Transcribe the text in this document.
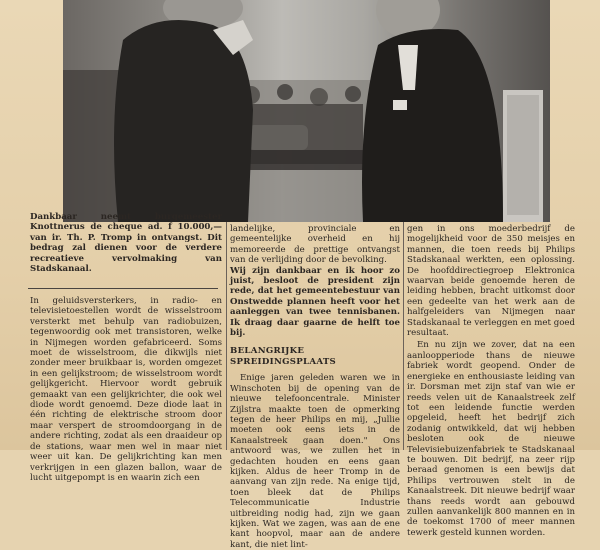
Dankbaar neemt burgemeester Knottnerus de cheque ad. f 10.000,— van ir. Th. P. Tromp in ontvangst. Dit bedrag zal dienen voor de verdere recreatieve vervolmaking van Stadskanaal.

In geluidsversterkers, in radio- en televisietoestellen wordt de wisselstroom versterkt met behulp van radiobuizen, tegenwoordig ook met transistoren, welke in Nijmegen worden gefabriceerd. Soms moet de wisselstroom, die dikwijls niet zonder meer bruikbaar is, worden omgezet in een gelijkstroom; de wisselstroom wordt gelijkgericht. Hiervoor wordt gebruik gemaakt van een gelijkrichter, die ook wel diode wordt genoemd. Deze diode laat in één richting de elektrische stroom door maar verspert de stroomdoorgang in de andere richting, zodat als een draaideur op de stations, waar men wel in maar niet weer uit kan. De gelijkrichting kan men verkrijgen in een glazen ballon, waar de lucht uitgepompt is en waarin zich een

landelijke, provinciale en gemeentelijke overheid en hij memoreerde de prettige ontvangst van de verlijding door de bevolking.

Wij zijn dankbaar en ik hoor zo juist, besloot de president zijn rede, dat het gemeentebestuur van Onstwedde plannen heeft voor het aanleggen van twee tennisbanen. Ik draag daar gaarne de helft toe bij.

BELANGRIJKE SPREIDINGSPLAATS

Enige jaren geleden waren we in Winschoten bij de opening van de nieuwe telefooncentrale. Minister Zijlstra maakte toen de opmerking tegen de heer Philips en mij, „Jullie moeten ook eens iets in de Kanaalstreek gaan doen." Ons antwoord was, we zullen het in gedachten houden en eens gaan kijken. Aldus de heer Tromp in de aanvang van zijn rede. Na enige tijd, toen bleek dat de Philips Telecommunicatie Industrie uitbreiding nodig had, zijn we gaan kijken. Wat we zagen, was aan de ene kant hoopvol, maar aan de andere kant, die niet lint-

gen in ons moederbedrijf de mogelijkheid voor de 350 meisjes en mannen, die toen reeds bij Philips Stadskanaal werkten, een oplossing. De hoofddirectiegroep Elektronica waarvan beide genoemde heren de leiding hebben, bracht uitkomst door een gedeelte van het werk aan de halfgeleiders van Nijmegen naar Stadskanaal te verleggen en met goed resultaat.

En nu zijn we zover, dat na een aanloopperiode thans de nieuwe fabriek wordt geopend. Onder de energieke en enthousiaste leiding van ir. Dorsman met zijn staf van wie er reeds velen uit de Kanaalstreek zelf tot een leidende functie werden opgeleid, heeft het bedrijf zich zodanig ontwikkeld, dat wij hebben besloten ook de nieuwe Televisiebuizenfabriek te Stadskanaal te bouwen. Dit bedrijf, na zeer rijp beraad genomen is een bewijs dat Philips vertrouwen stelt in de Kanaalstreek. Dit nieuwe bedrijf waar thans reeds wordt aan gebouwd zullen aanvankelijk 800 mannen en in de toekomst 1700 of meer mannen tewerk gesteld kunnen worden.
